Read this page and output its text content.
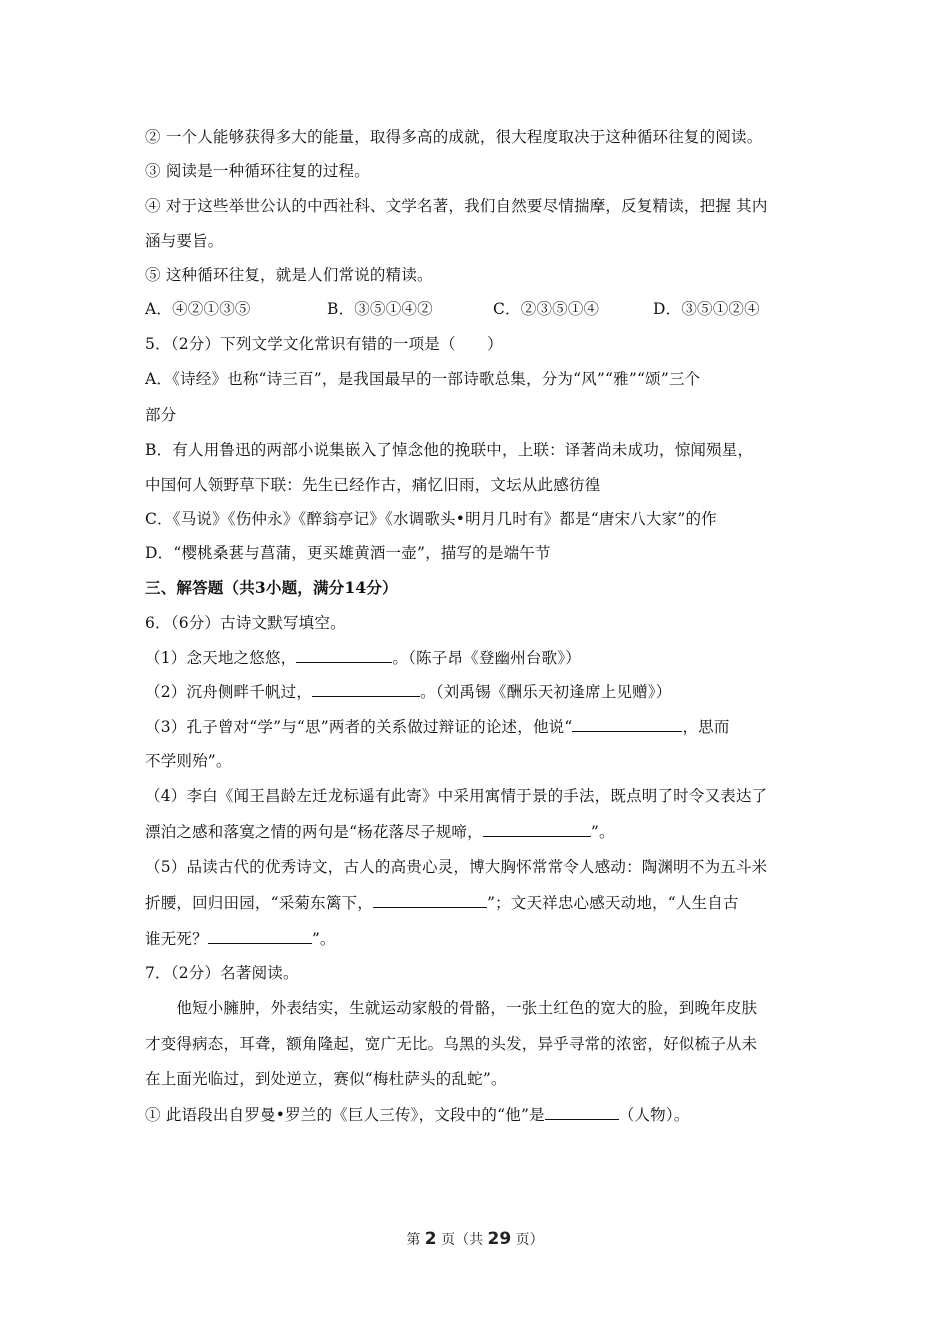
② 一个人能够获得多大的能量，取得多高的成就，很大程度取决于这种循环往复的阅读。
③ 阅读是一种循环往复的过程。
④ 对于这些举世公认的中西社科、文学名著，我们自然要尽情揣摩，反复精读，把握 其内
涵与要旨。
⑤ 这种循环往复，就是人们常说的精读。
A．④②①③⑤	B．③⑤①④②	C．②③⑤①④	D．③⑤①②④
5．（2分）下列文学文化常识有错的一项是（　　）
A．《诗经》也称“诗三百”，是我国最早的一部诗歌总集，分为“风”“雅”“颂”三个
部分
B．有人用鲁迅的两部小说集嵌入了悼念他的挽联中，上联：译著尚未成功，惊闻殒星，
中国何人领野草下联：先生已经作古，痛忆旧雨，文坛从此感彷徨
C．《马说》《伤仲永》《醉翁亭记》《水调歌头•明月几时有》都是“唐宋八大家”的作
D．“樱桃桑葚与菖蒲，更买雄黄酒一壶”，描写的是端午节
三、解答题（共3小题，满分14分）
6．（6分）古诗文默写填空。
（1）念天地之悠悠，	。（陈子昂《登幽州台歌》）
（2）沉舟侧畔千帆过，	。（刘禹锡《酬乐天初逢席上见赠》）
（3）孔子曾对“学”与“思”两者的关系做过辩证的论述，他说“	，思而
不学则殆”。
（4）李白《闻王昌龄左迁龙标遥有此寄》中采用寓情于景的手法，既点明了时令又表达了
漂泊之感和落寞之情的两句是“杨花落尽子规啼，	”。
（5）品读古代的优秀诗文，古人的高贵心灵，博大胸怀常常令人感动：陶渊明不为五斗米
折腰，回归田园，“采菊东篱下，	”；文天祥忠心感天动地，“人生自古
谁无死？	”。
7．（2分）名著阅读。
　　他短小臃肿，外表结实，生就运动家般的骨骼，一张土红色的宽大的脸，到晚年皮肤
才变得病态，耳聋，额角隆起，宽广无比。乌黑的头发，异乎寻常的浓密，好似梳子从未
在上面光临过，到处逆立，赛似“梅杜萨头的乱蛇”。
① 此语段出自罗曼•罗兰的《巨人三传》，文段中的“他”是	（人物）。
第 2 页（共 29 页）
